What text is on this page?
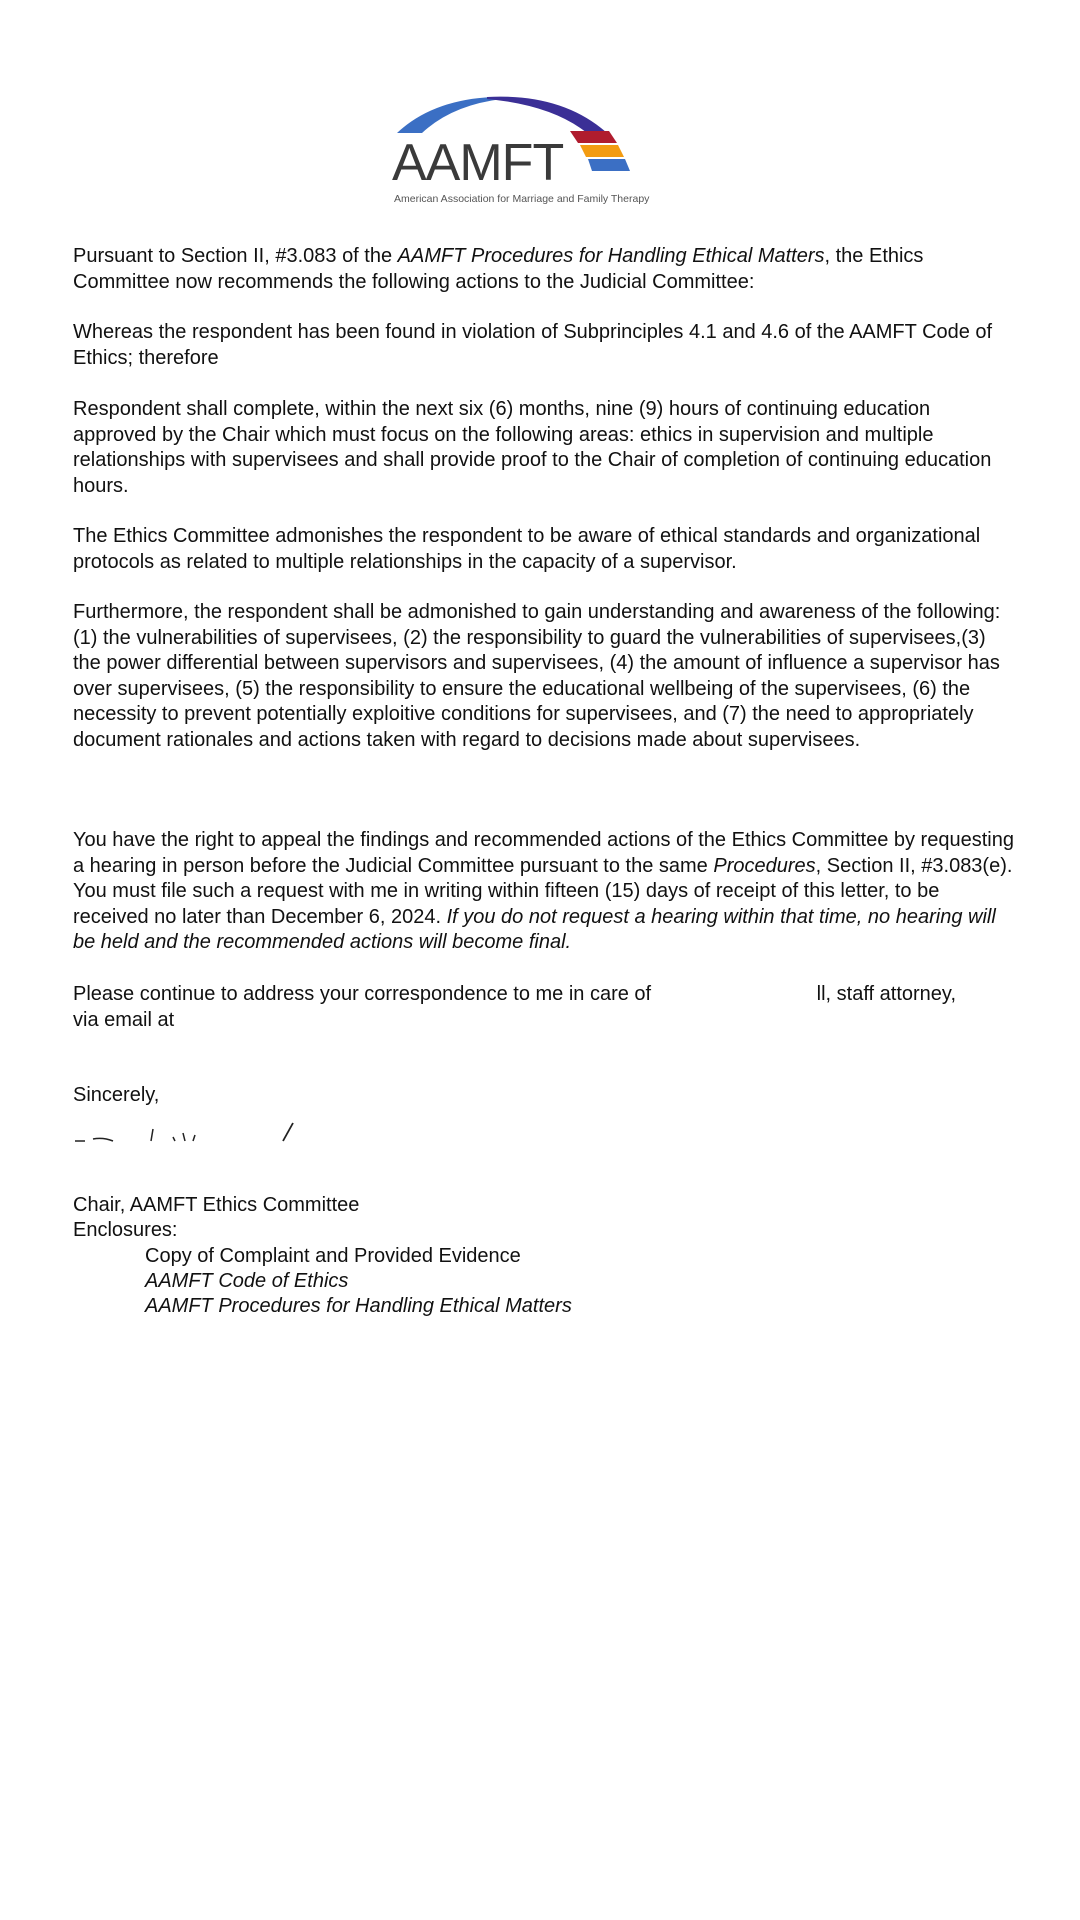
AAMFT
American Association for Marriage and Family Therapy

Pursuant to Section II, #3.083 of the AAMFT Procedures for Handling Ethical Matters, the Ethics Committee now recommends the following actions to the Judicial Committee:

Whereas the respondent has been found in violation of Subprinciples 4.1 and 4.6 of the AAMFT Code of Ethics; therefore

Respondent shall complete, within the next six (6) months, nine (9) hours of continuing education approved by the Chair which must focus on the following areas: ethics in supervision and multiple relationships with supervisees and shall provide proof to the Chair of completion of continuing education hours.

The Ethics Committee admonishes the respondent to be aware of ethical standards and organizational protocols as related to multiple relationships in the capacity of a supervisor.

Furthermore, the respondent shall be admonished to gain understanding and awareness of the following: (1) the vulnerabilities of supervisees, (2) the responsibility to guard the vulnerabilities of supervisees,(3) the power differential between supervisors and supervisees, (4) the amount of influence a supervisor has over supervisees, (5) the responsibility to ensure the educational wellbeing of the supervisees, (6) the necessity to prevent potentially exploitive conditions for supervisees, and (7) the need to appropriately document rationales and actions taken with regard to decisions made about supervisees.

You have the right to appeal the findings and recommended actions of the Ethics Committee by requesting a hearing in person before the Judicial Committee pursuant to the same Procedures, Section II, #3.083(e). You must file such a request with me in writing within fifteen (15) days of receipt of this letter, to be received no later than December 6, 2024. If you do not request a hearing within that time, no hearing will be held and the recommended actions will become final.

Please continue to address your correspondence to me in care of	ll, staff attorney, via email at

Sincerely,

Chair, AAMFT Ethics Committee

Enclosures:

Copy of Complaint and Provided Evidence
AAMFT Code of Ethics
AAMFT Procedures for Handling Ethical Matters
